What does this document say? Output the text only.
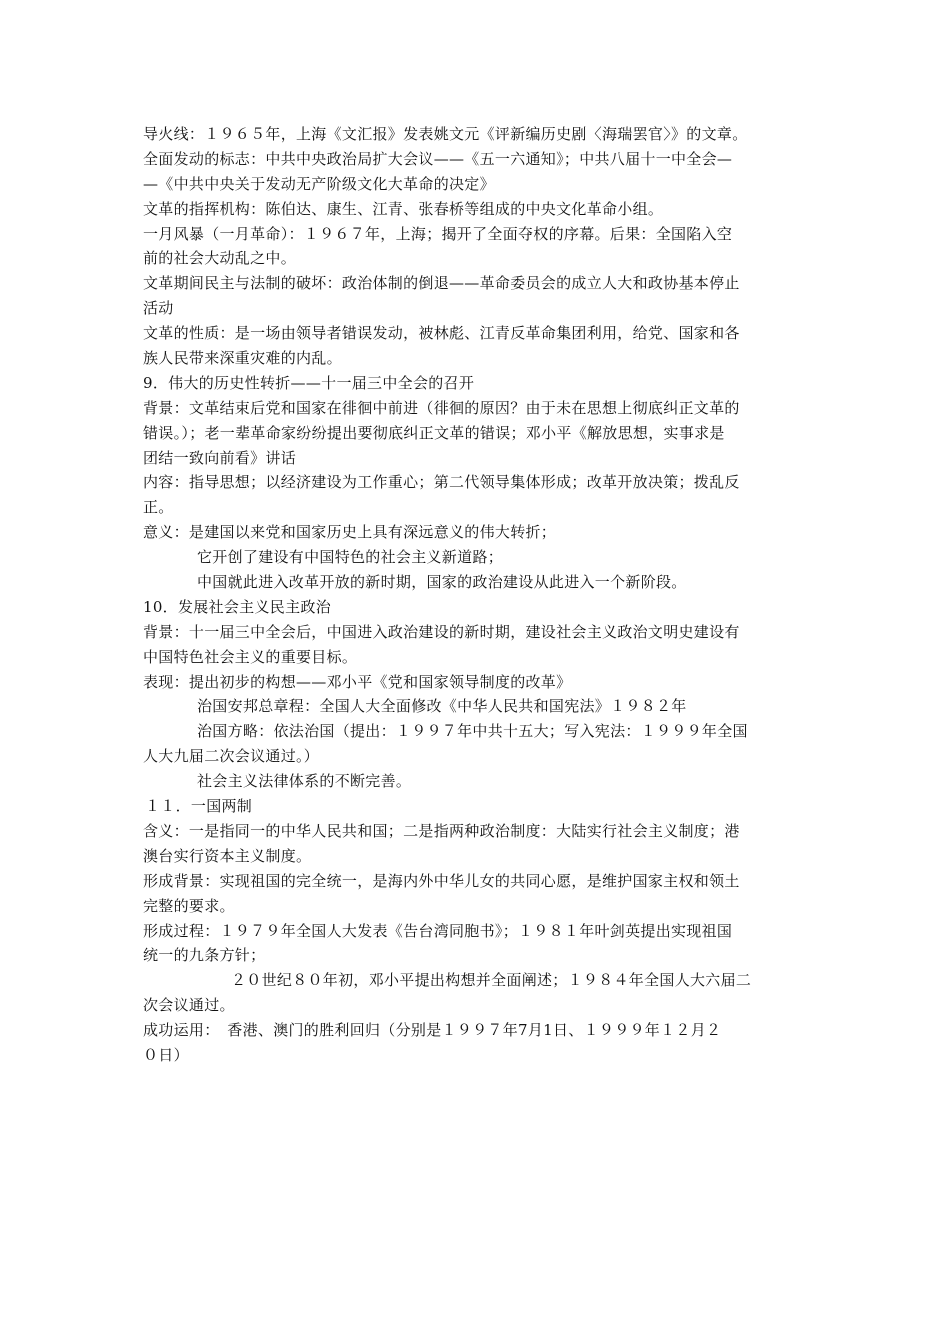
导火线：１９６５年，上海《文汇报》发表姚文元《评新编历史剧〈海瑞罢官〉》的文章。
全面发动的标志：中共中央政治局扩大会议——《五一六通知》；中共八届十一中全会—
—《中共中央关于发动无产阶级文化大革命的决定》
文革的指挥机构：陈伯达、康生、江青、张春桥等组成的中央文化革命小组。
一月风暴（一月革命）：１９６７年，上海；揭开了全面夺权的序幕。后果：全国陷入空
前的社会大动乱之中。
文革期间民主与法制的破坏：政治体制的倒退——革命委员会的成立人大和政协基本停止
活动
文革的性质：是一场由领导者错误发动，被林彪、江青反革命集团利用，给党、国家和各
族人民带来深重灾难的内乱。
9．伟大的历史性转折——十一届三中全会的召开
背景：文革结束后党和国家在徘徊中前进（徘徊的原因？由于未在思想上彻底纠正文革的
错误。）；老一辈革命家纷纷提出要彻底纠正文革的错误；邓小平《解放思想，实事求是
团结一致向前看》讲话
内容：指导思想；以经济建设为工作重心；第二代领导集体形成；改革开放决策；拨乱反
正。
意义：是建国以来党和国家历史上具有深远意义的伟大转折；
它开创了建设有中国特色的社会主义新道路；
中国就此进入改革开放的新时期，国家的政治建设从此进入一个新阶段。
10．发展社会主义民主政治
背景：十一届三中全会后，中国进入政治建设的新时期，建设社会主义政治文明史建设有
中国特色社会主义的重要目标。
表现：提出初步的构想——邓小平《党和国家领导制度的改革》
治国安邦总章程：全国人大全面修改《中华人民共和国宪法》１９８２年
治国方略：依法治国（提出：１９９７年中共十五大；写入宪法：１９９９年全国
人大九届二次会议通过。）
社会主义法律体系的不断完善。
１１．一国两制
含义：一是指同一的中华人民共和国；二是指两种政治制度：大陆实行社会主义制度；港
澳台实行资本主义制度。
形成背景：实现祖国的完全统一，是海内外中华儿女的共同心愿，是维护国家主权和领土
完整的要求。
形成过程：１９７９年全国人大发表《告台湾同胞书》；１９８１年叶剑英提出实现祖国
统一的九条方针；
２０世纪８０年初，邓小平提出构想并全面阐述；１９８４年全国人大六届二
次会议通过。
成功运用：　香港、澳门的胜利回归（分别是１９９７年7月1日、１９９９年１２月２
０日）
